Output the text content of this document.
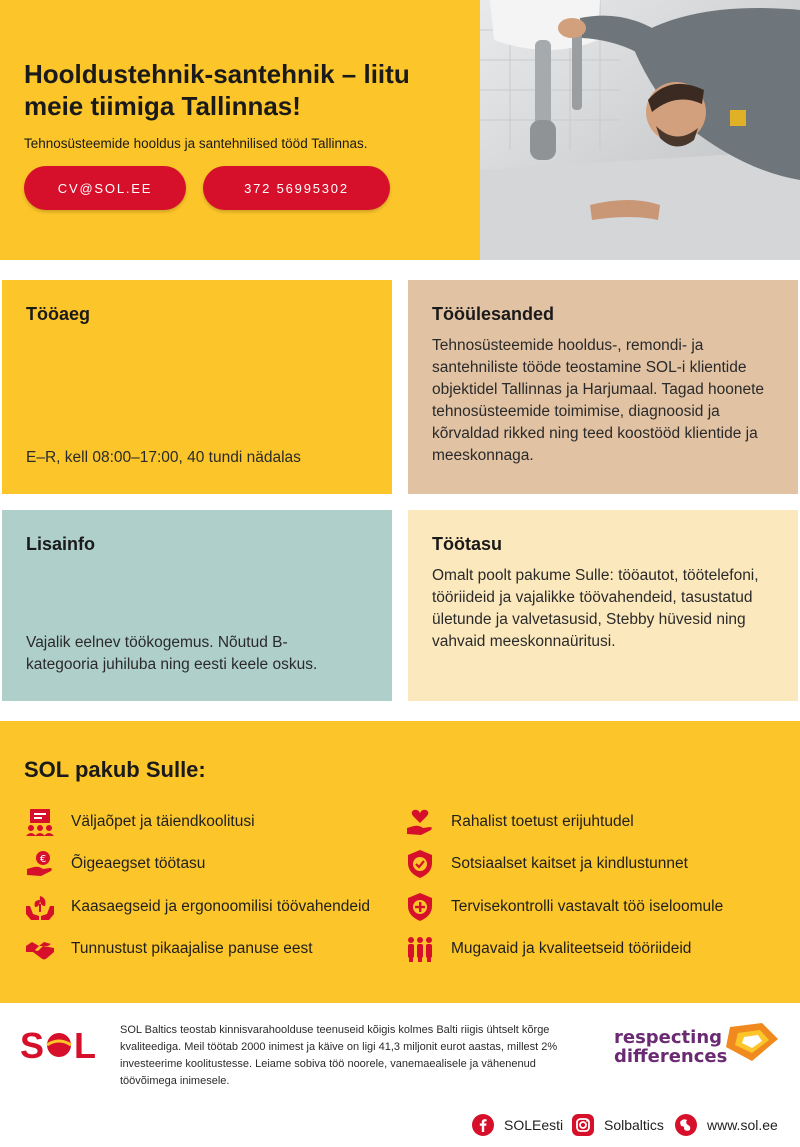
Hooldustehnik-santehnik – liitu meie tiimiga Tallinnas!
Tehnosüsteemide hooldus ja santehnilised tööd Tallinnas.
CV@SOL.EE	372 56995302
Tööaeg

E–R, kell 08:00–17:00, 40 tundi nädalas

Tööülesanded

Tehnosüsteemide hooldus-, remondi- ja santehniliste tööde teostamine SOL-i klientide objektidel Tallinnas ja Harjumaal. Tagad hoonete tehnosüsteemide toimimise, diagnoosid ja kõrvaldad rikked ning teed koostööd klientide ja meeskonnaga.

Lisainfo

Vajalik eelnev töökogemus. Nõutud B-kategooria juhiluba ning eesti keele oskus.

Töötasu

Omalt poolt pakume Sulle: tööautot, töötelefoni, tööriideid ja vajalikke töövahendeid, tasustatud ületunde ja valvetasusid, Stebby hüvesid ning vahvaid meeskonnaüritusi.

SOL pakub Sulle:
Väljaõpet ja täiendkoolitusi
€ Õigeaegset töötasu
Kaasaegseid ja ergonoomilisi töövahendeid
Tunnustust pikaajalise panuse eest
Rahalist toetust erijuhtudel
Sotsiaalset kaitset ja kindlustunnet
Tervisekontrolli vastavalt töö iseloomule
Mugavaid ja kvaliteetseid tööriideid
S L SOL Baltics teostab kinnisvarahoolduse teenuseid kõigis kolmes Balti riigis ühtselt kõrge kvaliteediga. Meil töötab 2000 inimest ja käive on ligi 41,3 miljonit eurot aastas, millest 2% investeerime koolitustesse. Leiame sobiva töö noorele, vanemaealisele ja vähenenud töövõimega inimesele.
respecting
differences
SOLEesti	Solbaltics	www.sol.ee
